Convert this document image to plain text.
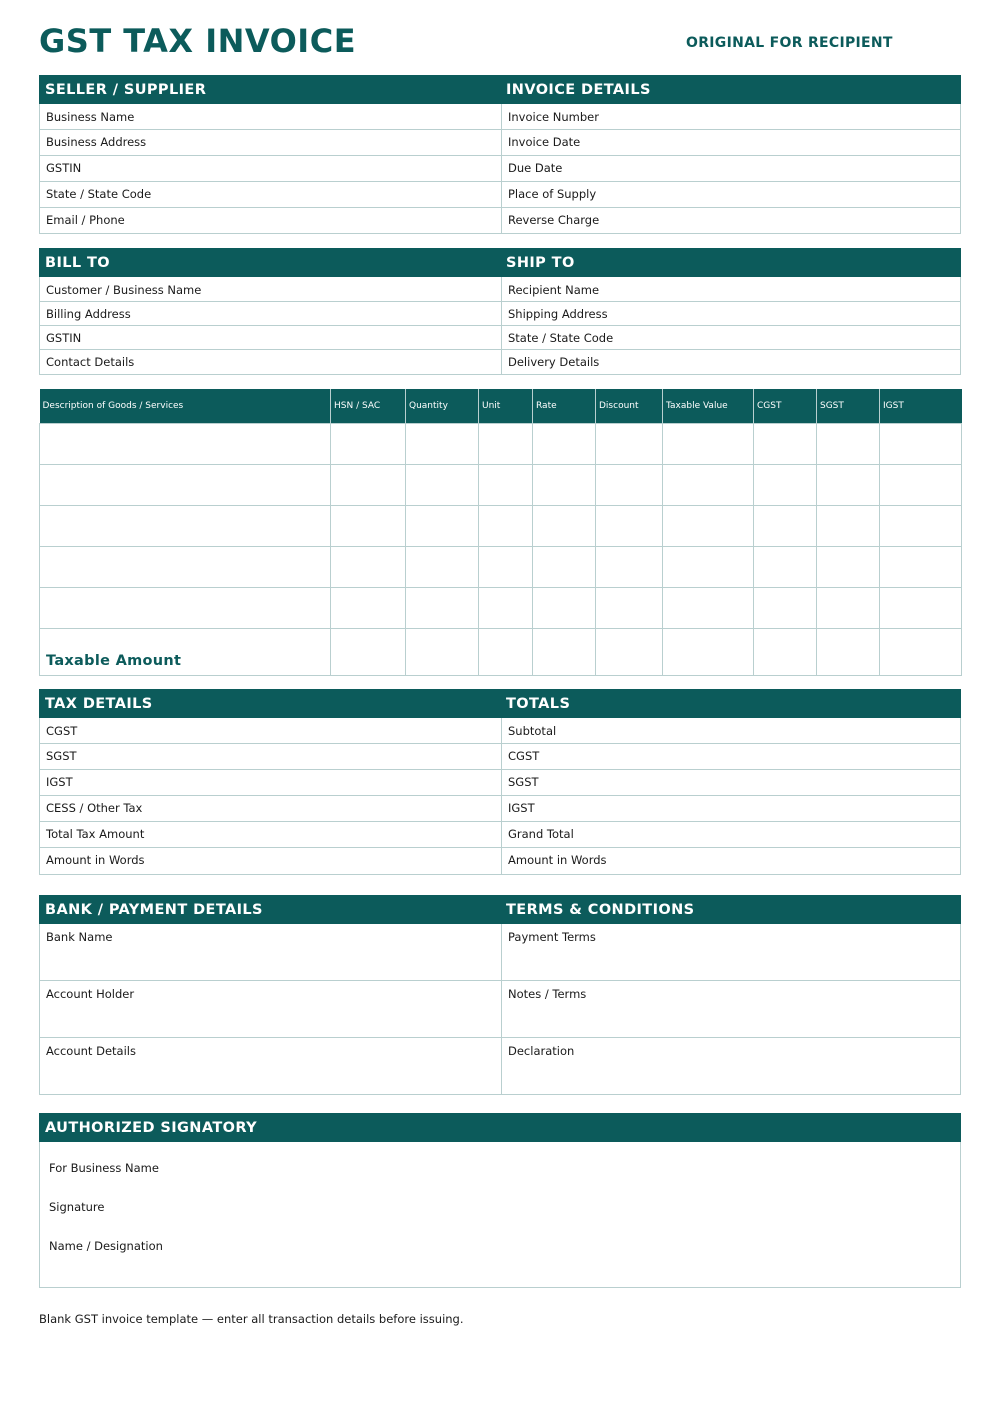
GST TAX INVOICE	ORIGINAL FOR RECIPIENT
SELLER / SUPPLIER	INVOICE DETAILS
Business Name	Invoice Number
Business Address	Invoice Date
GSTIN	Due Date
State / State Code	Place of Supply
Email / Phone	Reverse Charge
BILL TO	SHIP TO
Customer / Business Name	Recipient Name
Billing Address	Shipping Address
GSTIN	State / State Code
Contact Details	Delivery Details
Description of Goods / Services	HSN / SAC	Quantity	Unit	Rate	Discount	Taxable Value	CGST	SGST	IGST

Taxable Amount									
TAX DETAILS	TOTALS
CGST	Subtotal
SGST	CGST
IGST	SGST
CESS / Other Tax	IGST
Total Tax Amount	Grand Total
Amount in Words	Amount in Words
BANK / PAYMENT DETAILS	TERMS & CONDITIONS
Bank Name	Payment Terms
Account Holder	Notes / Terms
Account Details	Declaration
AUTHORIZED SIGNATORY
For Business Name
Signature
Name / Designation
Blank GST invoice template — enter all transaction details before issuing.
